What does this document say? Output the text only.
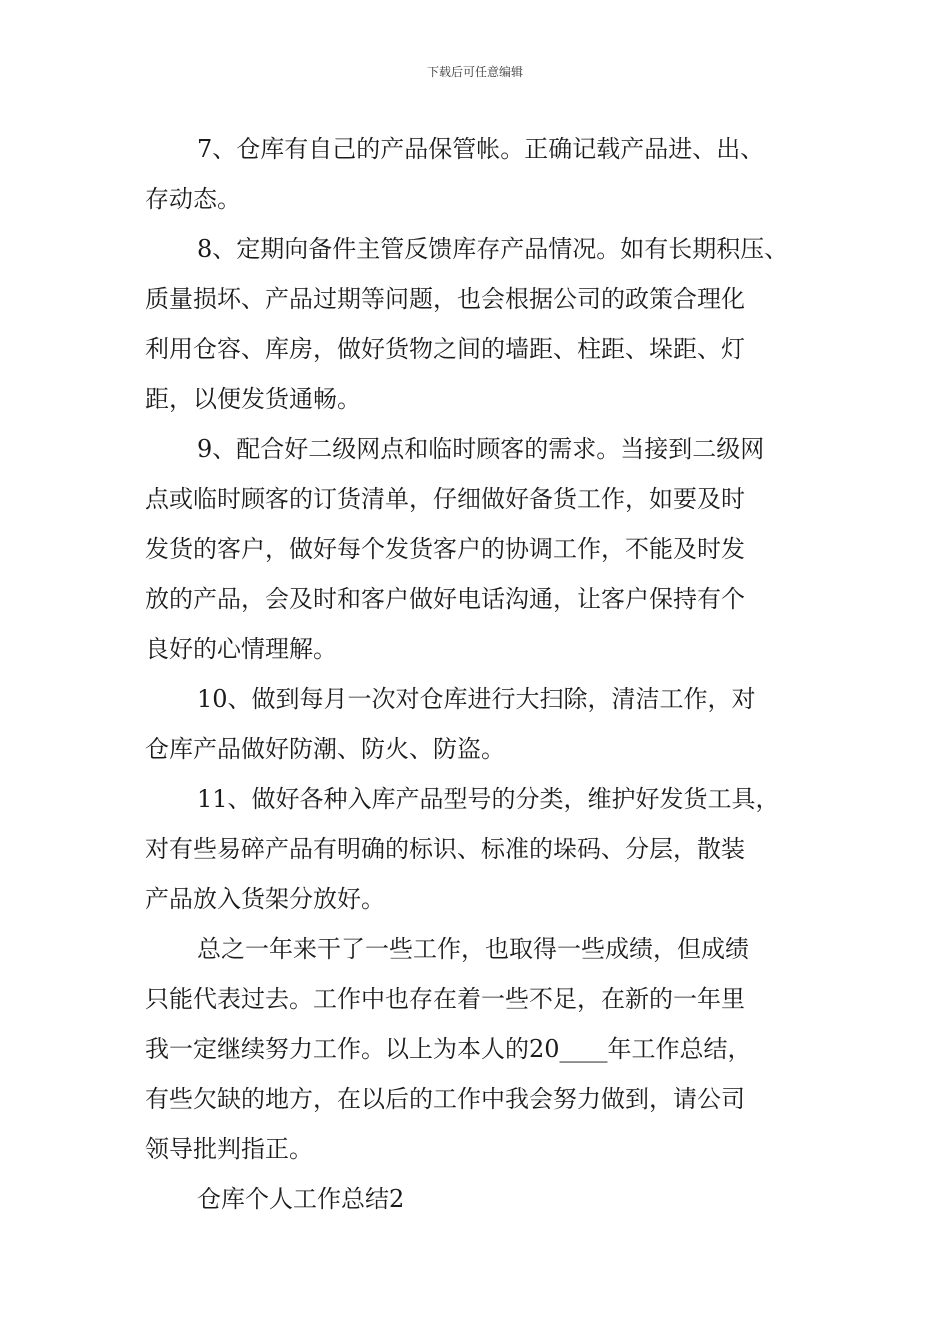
下载后可任意编辑
7、仓库有自己的产品保管帐。正确记载产品进、出、
存动态。
8、定期向备件主管反馈库存产品情况。如有长期积压、
质量损坏、产品过期等问题，也会根据公司的政策合理化
利用仓容、库房，做好货物之间的墙距、柱距、垛距、灯
距，以便发货通畅。
9、配合好二级网点和临时顾客的需求。当接到二级网
点或临时顾客的订货清单，仔细做好备货工作，如要及时
发货的客户，做好每个发货客户的协调工作，不能及时发
放的产品，会及时和客户做好电话沟通，让客户保持有个
良好的心情理解。
10、做到每月一次对仓库进行大扫除，清洁工作，对
仓库产品做好防潮、防火、防盗。
11、做好各种入库产品型号的分类，维护好发货工具，
对有些易碎产品有明确的标识、标准的垛码、分层，散装
产品放入货架分放好。
总之一年来干了一些工作，也取得一些成绩，但成绩
只能代表过去。工作中也存在着一些不足，在新的一年里
我一定继续努力工作。以上为本人的20____年工作总结，
有些欠缺的地方，在以后的工作中我会努力做到，请公司
领导批判指正。
仓库个人工作总结2
